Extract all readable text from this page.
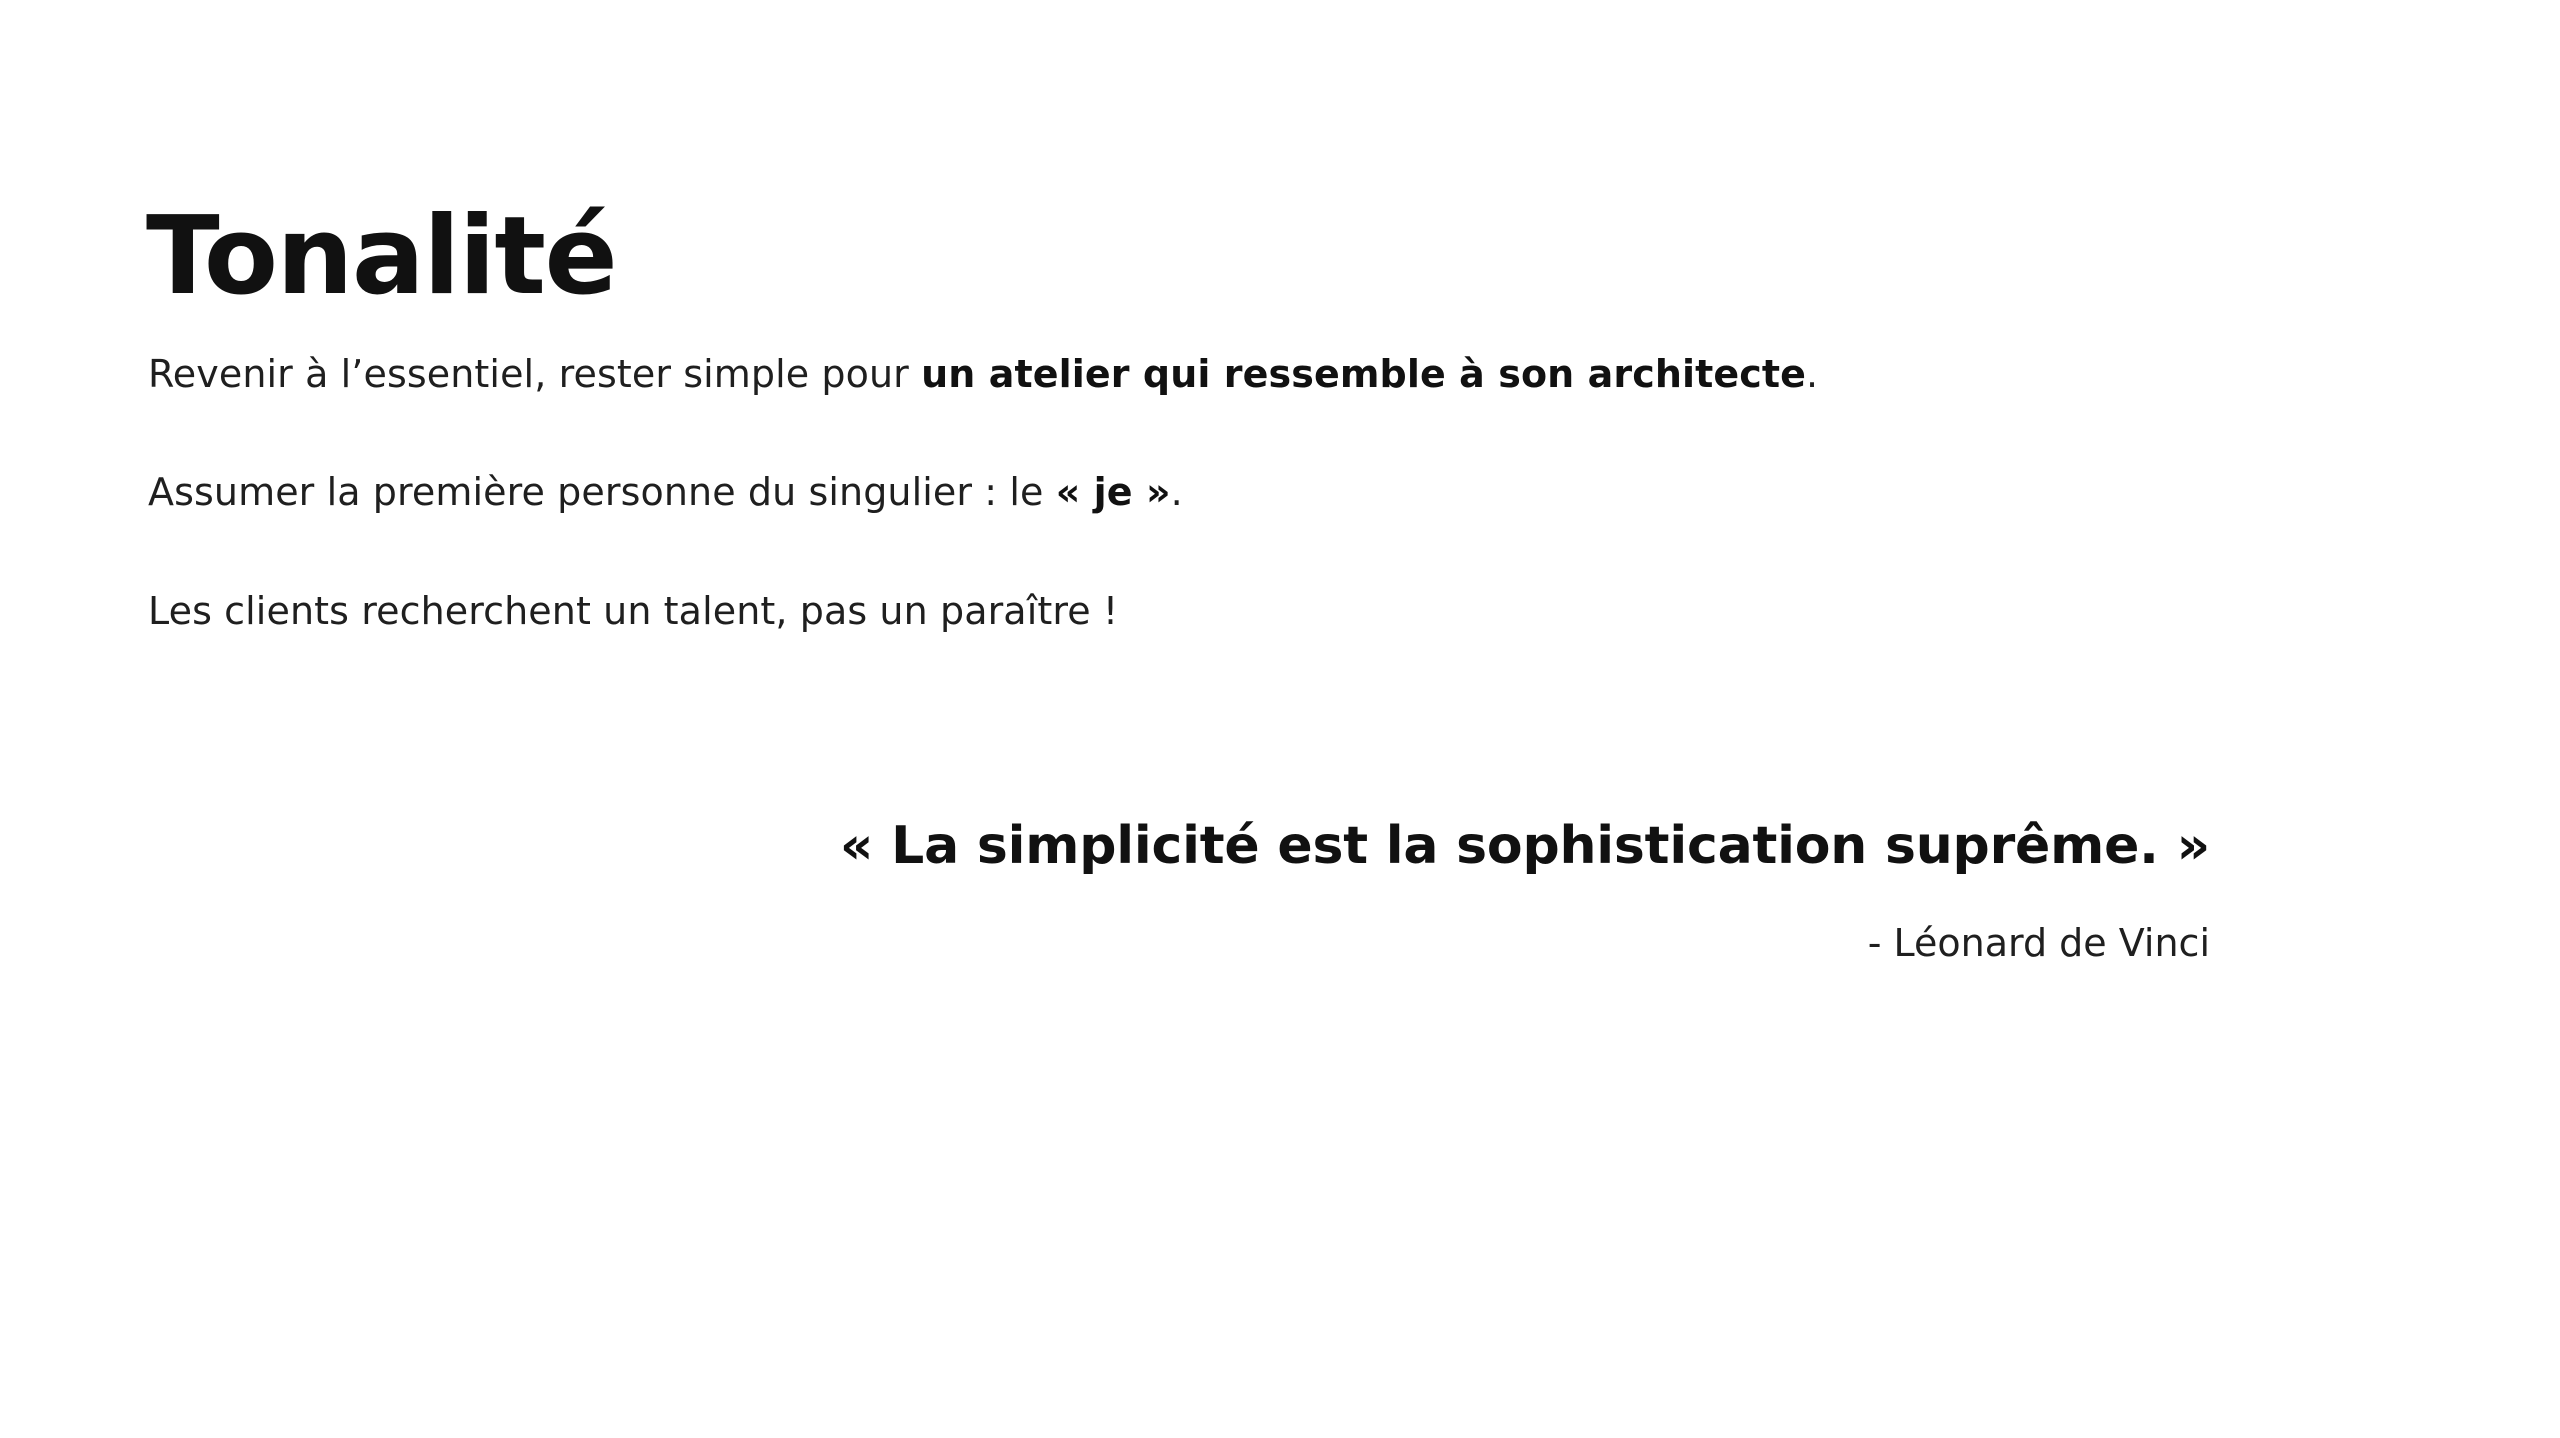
Tonalité

Revenir à l’essentiel, rester simple pour un atelier qui ressemble à son architecte.

Assumer la première personne du singulier : le « je ».

Les clients recherchent un talent, pas un paraître !

« La simplicité est la sophistication suprême. »

- Léonard de Vinci
